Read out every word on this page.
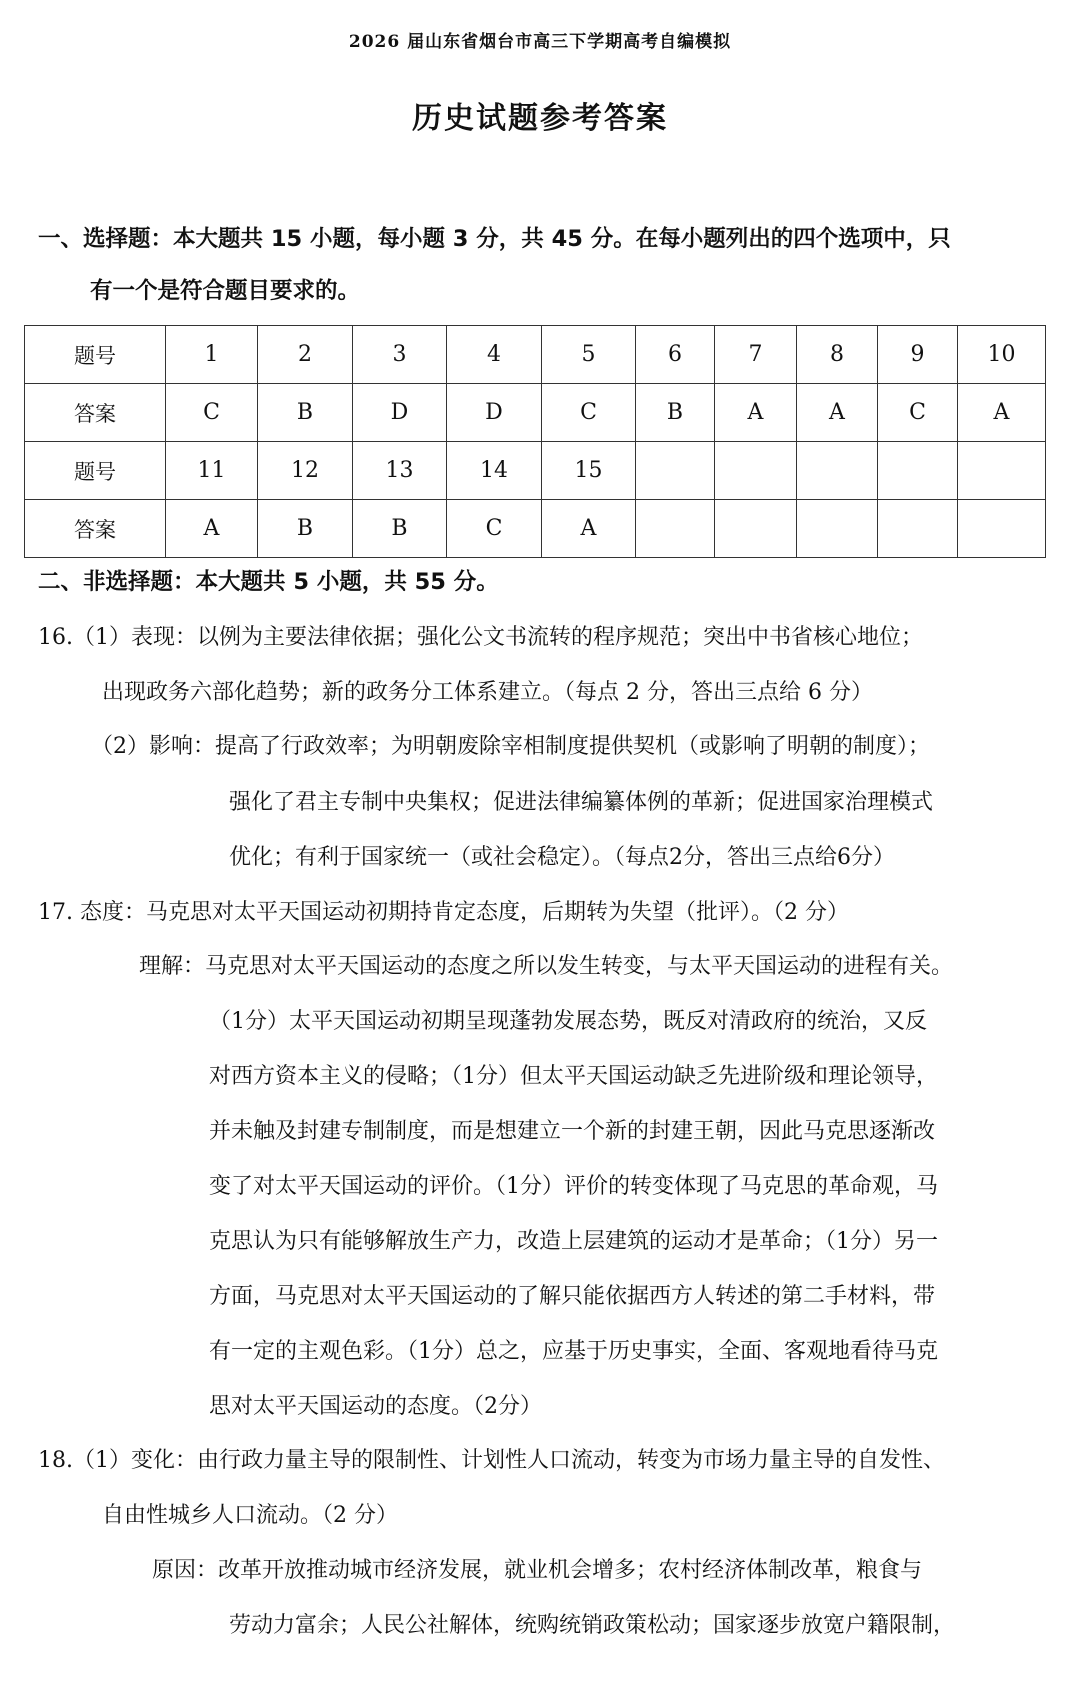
2026 届山东省烟台市高三下学期高考自编模拟
历史试题参考答案
一、选择题：本大题共 15 小题，每小题 3 分，共 45 分。在每小题列出的四个选项中，只
有一个是符合题目要求的。
题号	1	2	3	4	5	6	7	8	9	10
答案	C	B	D	D	C	B	A	A	C	A
题号	11	12	13	14	15					
答案	A	B	B	C	A					
二、非选择题：本大题共 5 小题，共 55 分。
16.（1）表现：以例为主要法律依据；强化公文书流转的程序规范；突出中书省核心地位；
出现政务六部化趋势；新的政务分工体系建立。（每点 2 分，答出三点给 6 分）
（2）影响：提高了行政效率；为明朝废除宰相制度提供契机（或影响了明朝的制度）；
强化了君主专制中央集权；促进法律编纂体例的革新；促进国家治理模式
优化；有利于国家统一（或社会稳定）。（每点2分，答出三点给6分）
17. 态度：马克思对太平天国运动初期持肯定态度，后期转为失望（批评）。（2 分）
理解：马克思对太平天国运动的态度之所以发生转变，与太平天国运动的进程有关。
（1分）太平天国运动初期呈现蓬勃发展态势，既反对清政府的统治，又反
对西方资本主义的侵略；（1分）但太平天国运动缺乏先进阶级和理论领导，
并未触及封建专制制度，而是想建立一个新的封建王朝，因此马克思逐渐改
变了对太平天国运动的评价。（1分）评价的转变体现了马克思的革命观，马
克思认为只有能够解放生产力，改造上层建筑的运动才是革命；（1分）另一
方面，马克思对太平天国运动的了解只能依据西方人转述的第二手材料，带
有一定的主观色彩。（1分）总之，应基于历史事实，全面、客观地看待马克
思对太平天国运动的态度。（2分）
18.（1）变化：由行政力量主导的限制性、计划性人口流动，转变为市场力量主导的自发性、
自由性城乡人口流动。（2 分）
原因：改革开放推动城市经济发展，就业机会增多；农村经济体制改革，粮食与
劳动力富余；人民公社解体，统购统销政策松动；国家逐步放宽户籍限制，
